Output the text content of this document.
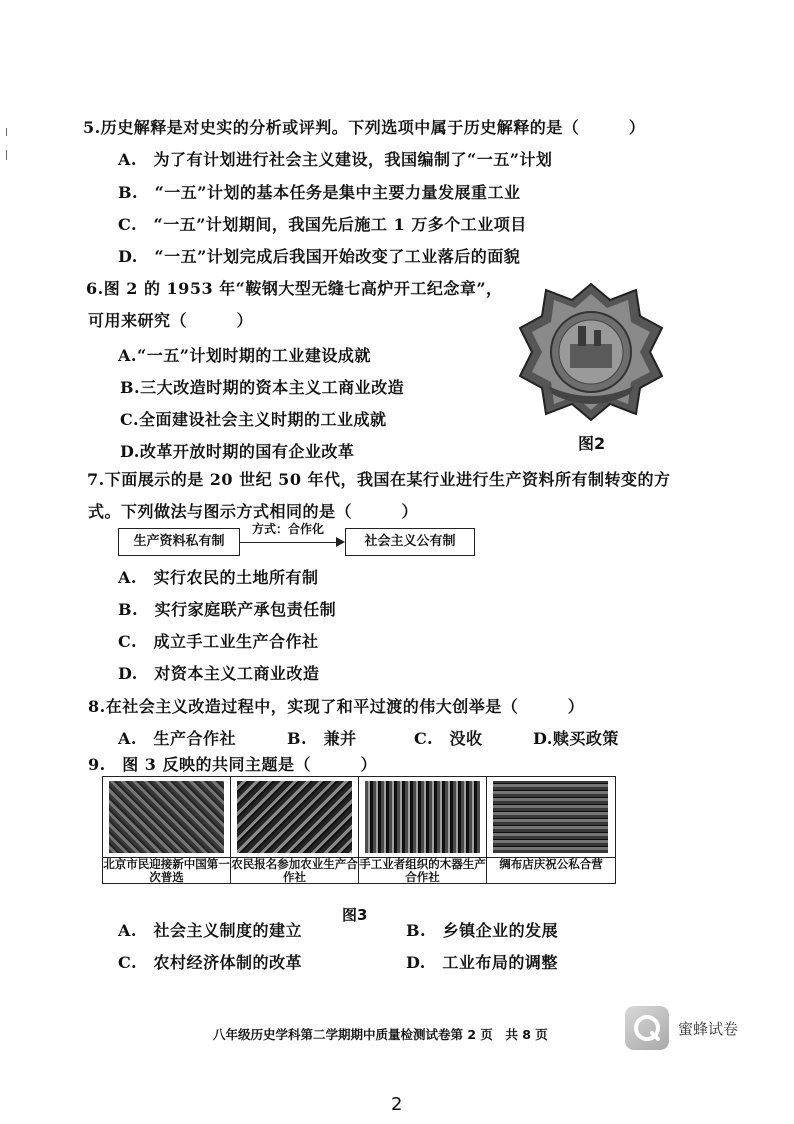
5.历史解释是对史实的分析或评判。下列选项中属于历史解释的是（　　　）
A.　为了有计划进行社会主义建设，我国编制了“一五”计划
B.　“一五”计划的基本任务是集中主要力量发展重工业
C.　“一五”计划期间，我国先后施工 1 万多个工业项目
D.　“一五”计划完成后我国开始改变了工业落后的面貌
6.图 2 的 1953 年“鞍钢大型无缝七高炉开工纪念章”，
可用来研究（　　　）
A.“一五”计划时期的工业建设成就
B.三大改造时期的资本主义工商业改造
C.全面建设社会主义时期的工业成就
D.改革开放时期的国有企业改革	图2
7.下面展示的是 20 世纪 50 年代，我国在某行业进行生产资料所有制转变的方
式。下列做法与图示方式相同的是（　　　）
生产资料私有制
方式：合作化
社会主义公有制
A.　实行农民的土地所有制
B.　实行家庭联产承包责任制
C.　成立手工业生产合作社
D.　对资本主义工商业改造
8.在社会主义改造过程中，实现了和平过渡的伟大创举是（　　　）
A.　生产合作社	B.　兼并	C.　没收	D.赎买政策
9.　图 3 反映的共同主题是（　　　）
北京市民迎接新中国第一次普选
农民报名参加农业生产合作社
手工业者组织的木器生产合作社
绸布店庆祝公私合营
图3
A.　社会主义制度的建立	B.　乡镇企业的发展
C.　农村经济体制的改革	D.　工业布局的调整
八年级历史学科第二学期期中质量检测试卷第 2 页　共 8 页	蜜蜂试卷
2
